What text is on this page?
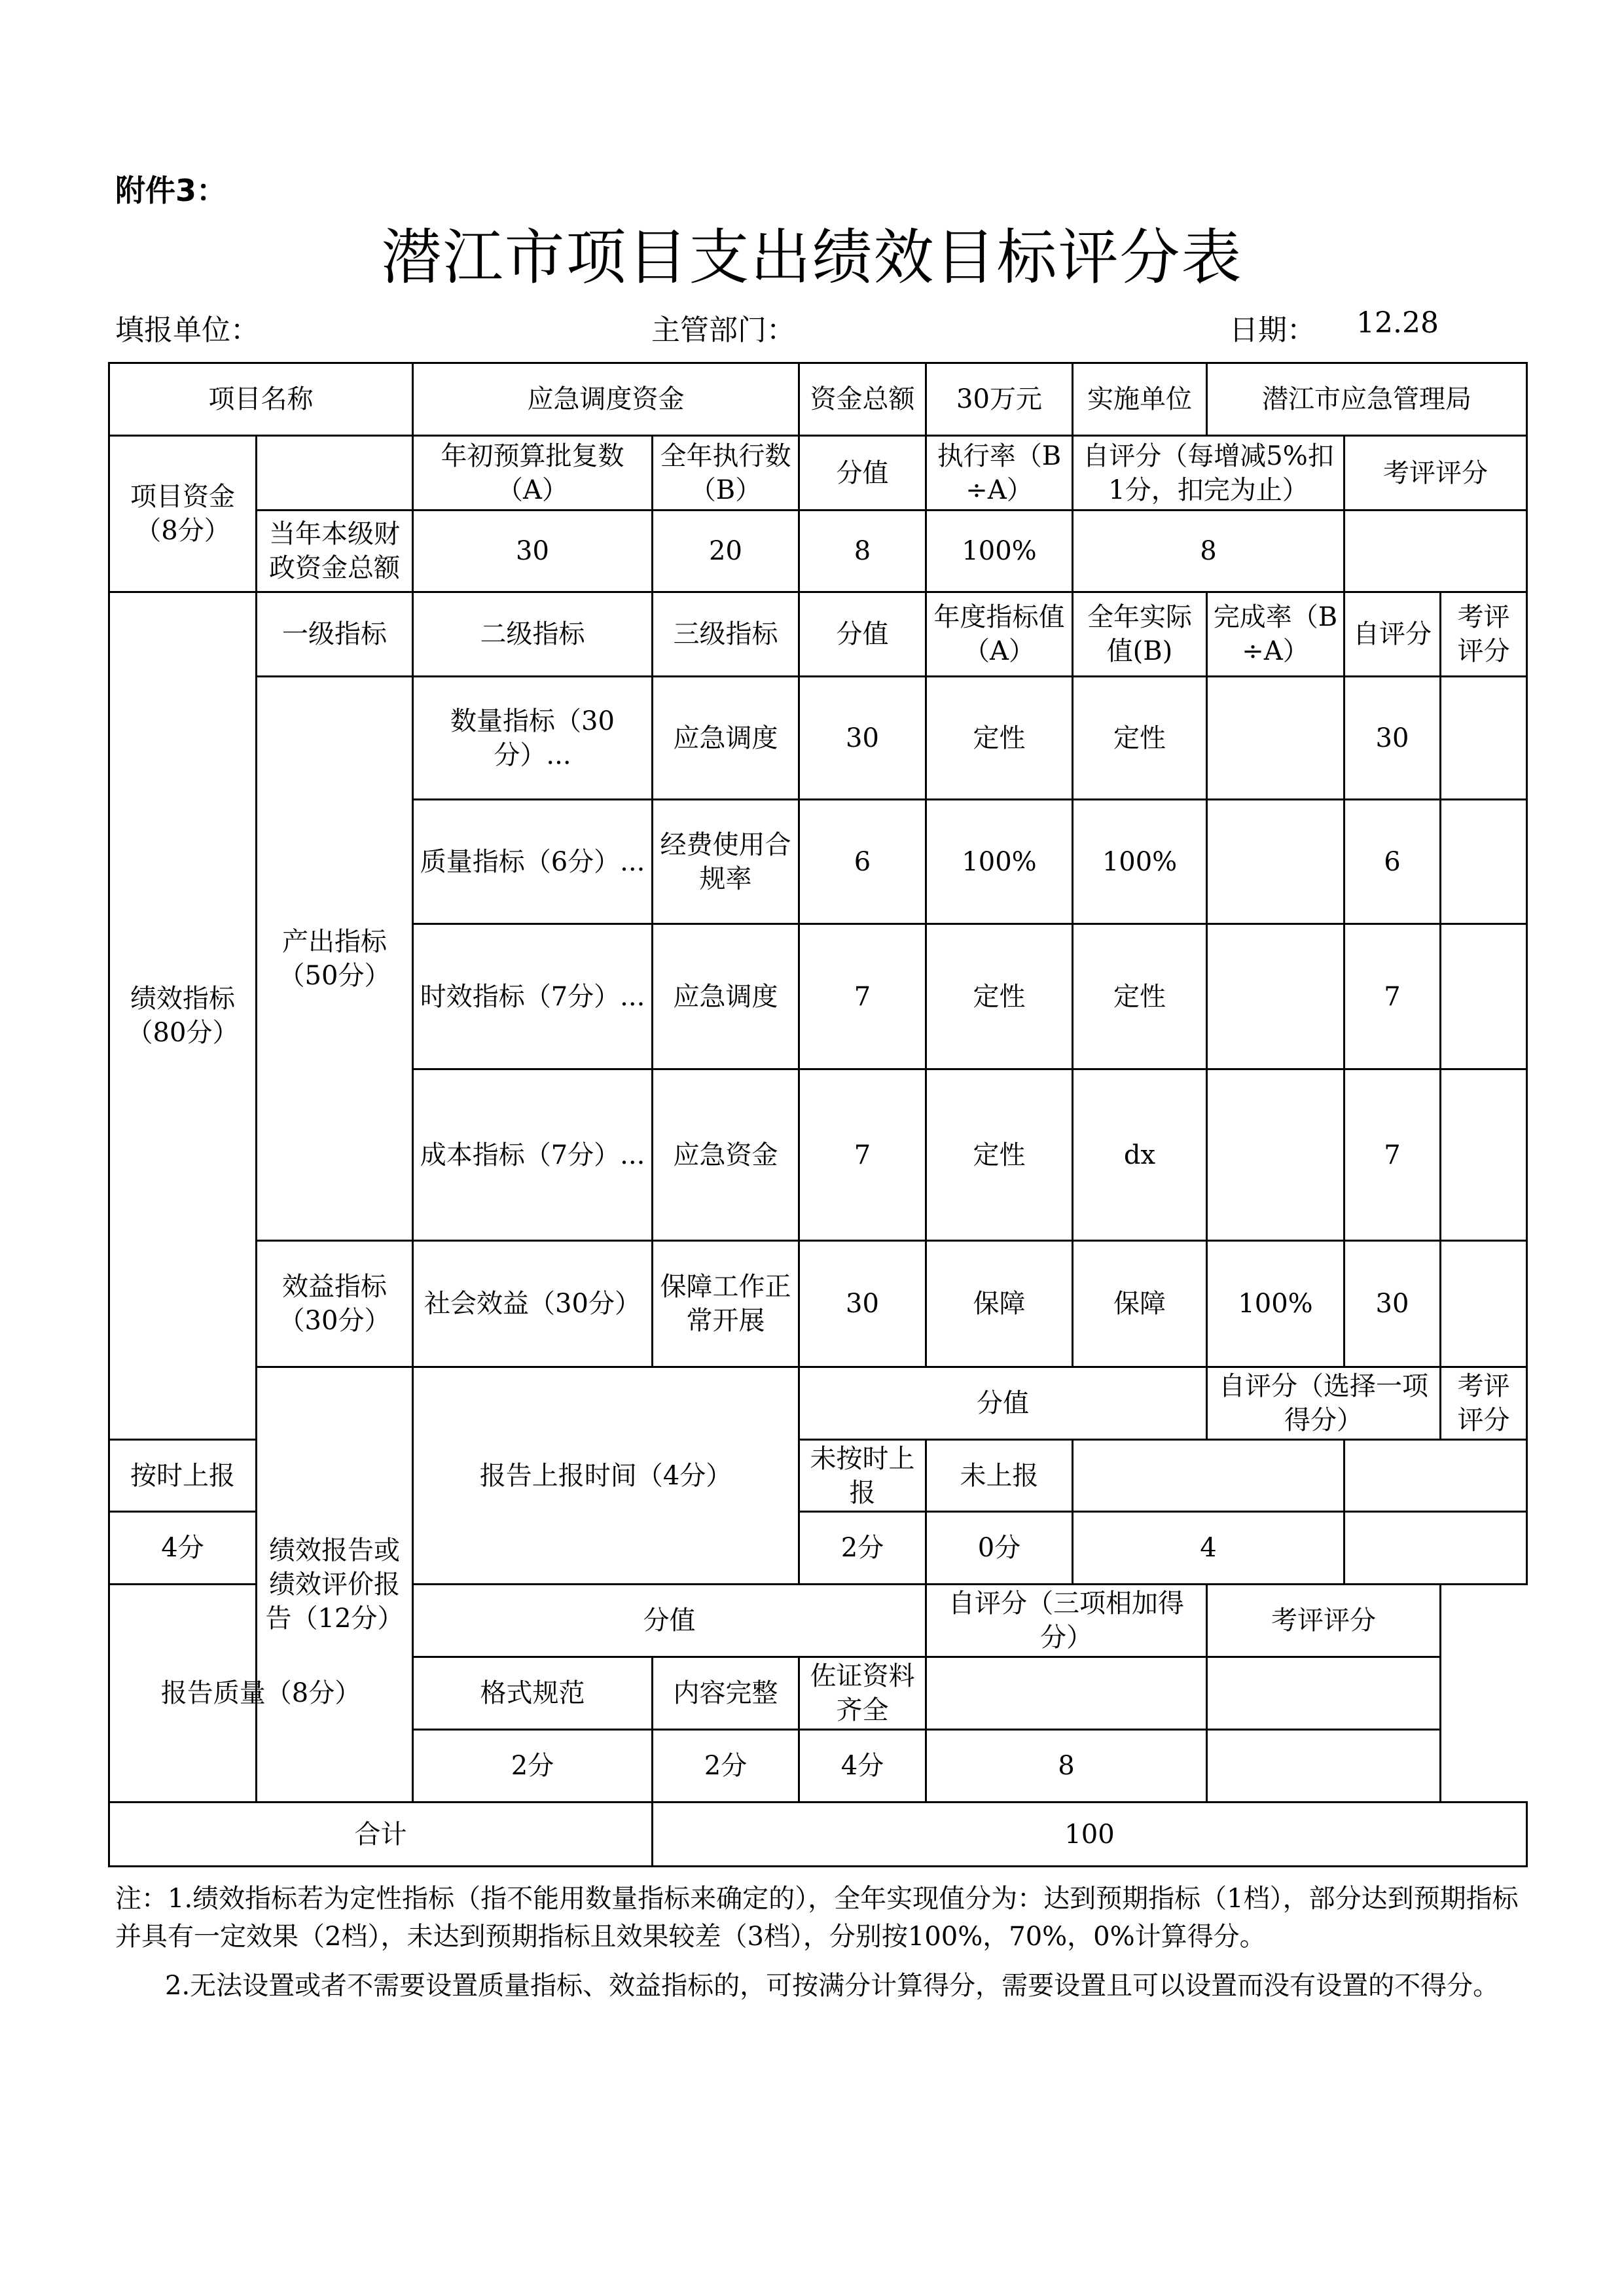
附件3：
潜江市项目支出绩效目标评分表
填报单位：	主管部门：	日期： 12.28
项目名称		应急调度资金		资金总额	30万元	实施单位	潜江市应急管理局			
项目资金（8分）		年初预算批复数（A）	全年执行数（B）	分值	执行率（B÷A）	自评分（每增减5%扣1分，扣完为止）		考评评分		
	当年本级财政资金总额	30	20	8	100%	8				
绩效指标（80分）	一级指标	二级指标	三级指标	分值	年度指标值（A）	全年实际值(B)	完成率（B÷A）	自评分	考评评分	
	产出指标（50分）	数量指标（30分）...	应急调度	30	定性	定性		30		
		质量指标（6分）...	经费使用合规率	6	100%	100%		6		
		时效指标（7分）...	应急调度	7	定性	定性		7		
		成本指标（7分）...	应急资金	7	定性	dx		7		
	效益指标（30分）	社会效益（30分）	保障工作正常开展	30	保障	保障	100%	30		
	绩效报告或绩效评价报告（12分）	报告上报时间（4分）		分值			自评分（选择一项得分）		考评评分	
按时上报				未按时上报	未上报					
4分				2分	0分	4				
报告质量（8分）		分值			自评分（三项相加得分）		考评评分			
		格式规范	内容完整	佐证资料齐全						
		2分	2分	4分	8					
合计			100							
注：1.绩效指标若为定性指标（指不能用数量指标来确定的），全年实现值分为：达到预期指标（1档），部分达到预期指标并具有一定效果（2档），未达到预期指标且效果较差（3档），分别按100%，70%，0%计算得分。
2.无法设置或者不需要设置质量指标、效益指标的，可按满分计算得分，需要设置且可以设置而没有设置的不得分。
